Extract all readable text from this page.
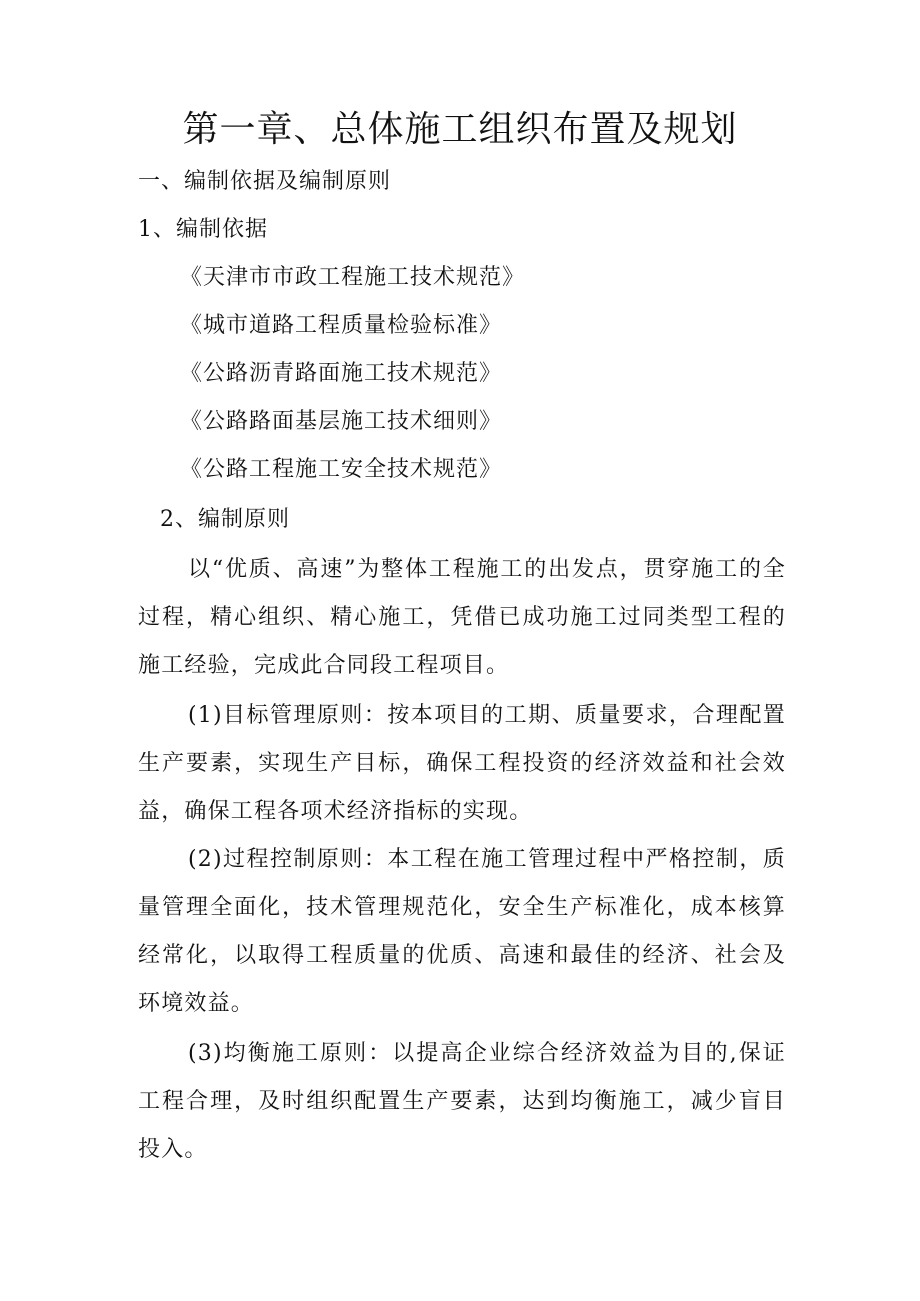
第一章、总体施工组织布置及规划
一、编制依据及编制原则
1、编制依据
《天津市市政工程施工技术规范》
《城市道路工程质量检验标准》
《公路沥青路面施工技术规范》
《公路路面基层施工技术细则》
《公路工程施工安全技术规范》
2、编制原则
以“优质、高速”为整体工程施工的出发点，贯穿施工的全过程，精心组织、精心施工，凭借已成功施工过同类型工程的施工经验，完成此合同段工程项目。
(1)目标管理原则：按本项目的工期、质量要求，合理配置生产要素，实现生产目标，确保工程投资的经济效益和社会效益，确保工程各项术经济指标的实现。
(2)过程控制原则：本工程在施工管理过程中严格控制，质量管理全面化，技术管理规范化，安全生产标准化，成本核算经常化，以取得工程质量的优质、高速和最佳的经济、社会及环境效益。
(3)均衡施工原则：以提高企业综合经济效益为目的,保证工程合理，及时组织配置生产要素，达到均衡施工，减少盲目投入。
